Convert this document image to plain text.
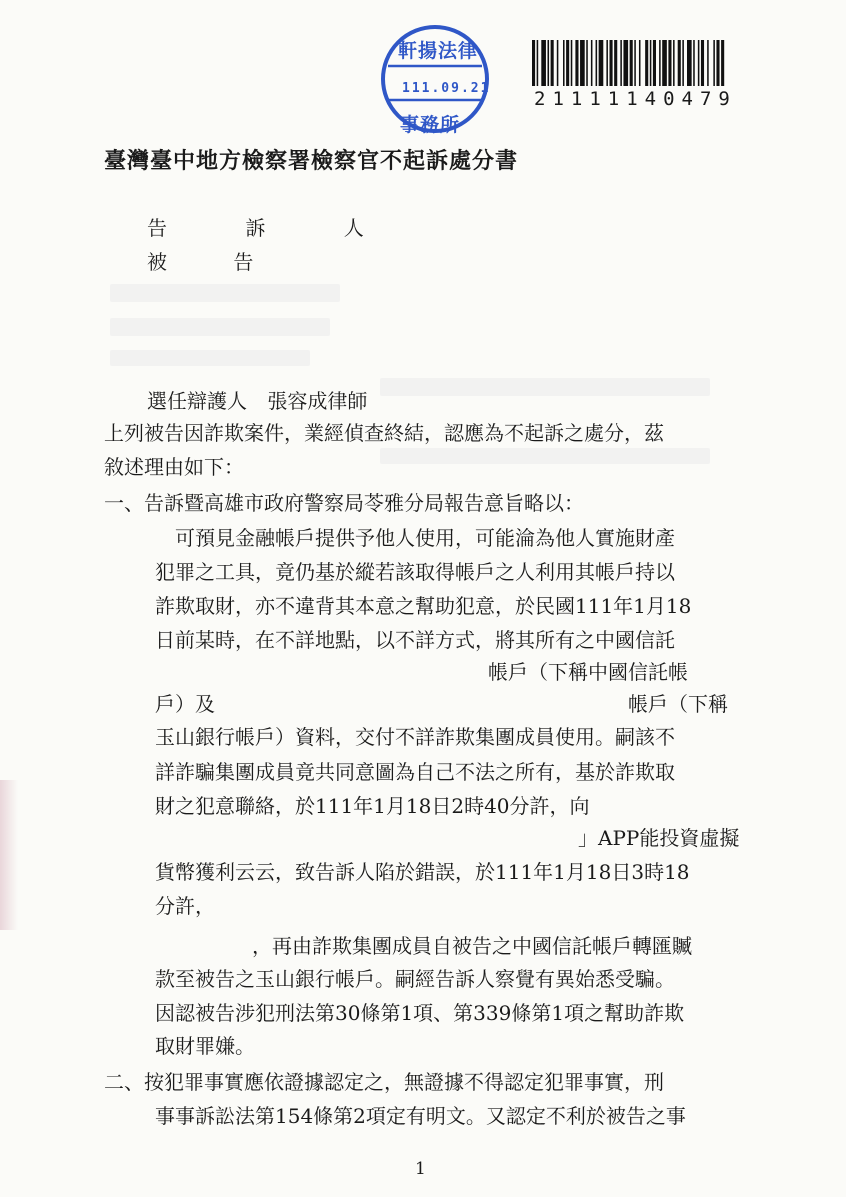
軒揚法律
111.09.21
事務所
21111140479
臺灣臺中地方檢察署檢察官不起訴處分書
告 訴 人
被 告
選任辯護人 張容成律師
上列被告因詐欺案件，業經偵查終結，認應為不起訴之處分，茲
敘述理由如下：
一、告訴暨高雄市政府警察局苓雅分局報告意旨略以：
可預見金融帳戶提供予他人使用，可能淪為他人實施財產
犯罪之工具，竟仍基於縱若該取得帳戶之人利用其帳戶持以
詐欺取財，亦不違背其本意之幫助犯意，於民國111年1月18
日前某時，在不詳地點，以不詳方式，將其所有之中國信託
帳戶（下稱中國信託帳
戶）及	帳戶（下稱
玉山銀行帳戶）資料，交付不詳詐欺集團成員使用。嗣該不
詳詐騙集團成員竟共同意圖為自己不法之所有，基於詐欺取
財之犯意聯絡，於111年1月18日2時40分許，向
」APP能投資虛擬
貨幣獲利云云，致告訴人陷於錯誤，於111年1月18日3時18
分許，
，再由詐欺集團成員自被告之中國信託帳戶轉匯贓
款至被告之玉山銀行帳戶。嗣經告訴人察覺有異始悉受騙。
因認被告涉犯刑法第30條第1項、第339條第1項之幫助詐欺
取財罪嫌。
二、按犯罪事實應依證據認定之，無證據不得認定犯罪事實，刑
事事訴訟法第154條第2項定有明文。又認定不利於被告之事
1
